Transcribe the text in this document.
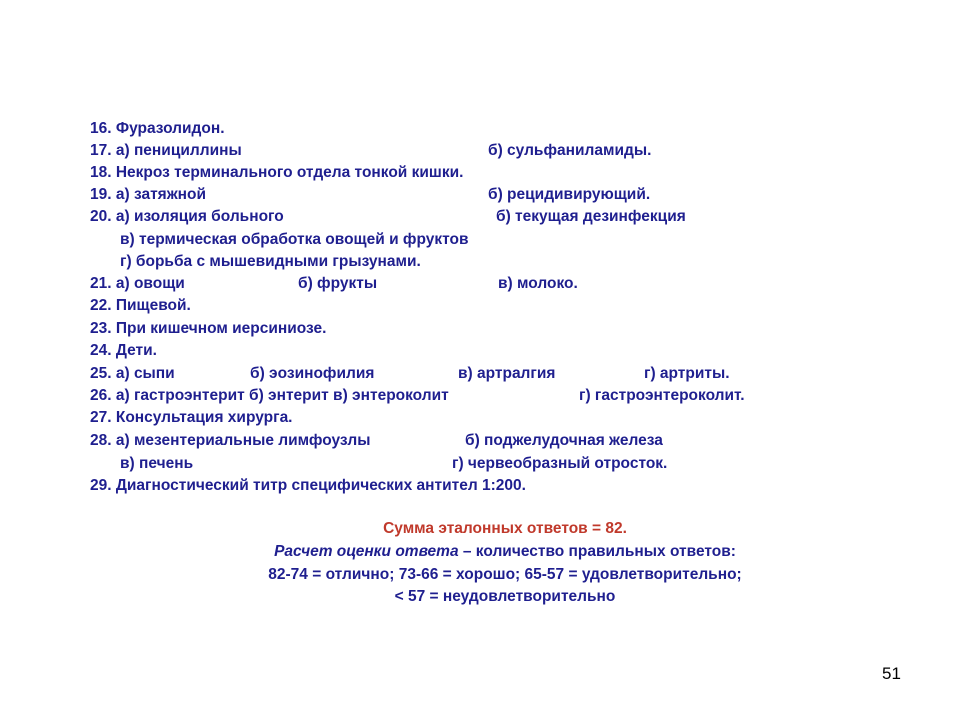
16. Фуразолидон.
17. а) пенициллины	б) сульфаниламиды.
18. Некроз терминального отдела тонкой кишки.
19. а) затяжной	б) рецидивирующий.
20. а) изоляция больного	б) текущая дезинфекция
в) термическая обработка овощей и фруктов
г) борьба с мышевидными грызунами.
21. а) овощи	б) фрукты	в) молоко.
22. Пищевой.
23. При кишечном иерсиниозе.
24. Дети.
25. а) сыпи	б) эозинофилия	в) артралгия	г) артриты.
26. а) гастроэнтерит б) энтерит в) энтероколит	г) гастроэнтероколит.
27. Консультация хирурга.
28. а) мезентериальные лимфоузлы	б) поджелудочная железа
в) печень	г) червеобразный отросток.
29. Диагностический титр специфических антител 1:200.
Сумма эталонных ответов = 82.
Расчет оценки ответа – количество правильных ответов:
82-74 = отлично; 73-66 = хорошо; 65-57 = удовлетворительно;
< 57 = неудовлетворительно
51
